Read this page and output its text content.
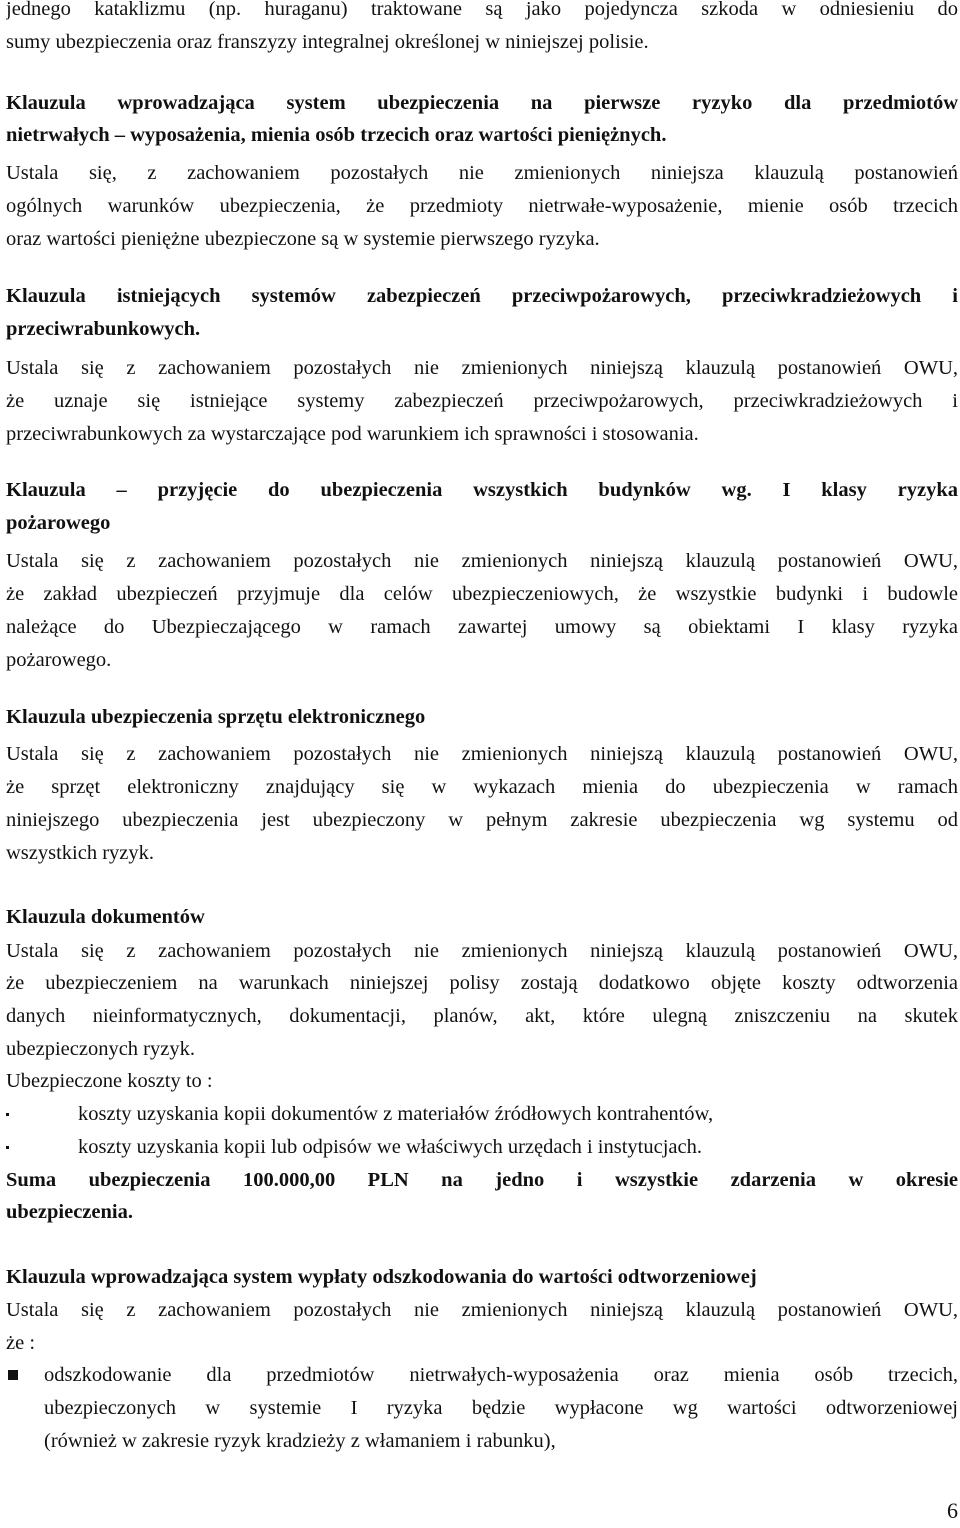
jednego kataklizmu (np. huraganu) traktowane są jako pojedyncza szkoda w odniesieniu do
sumy ubezpieczenia oraz franszyzy integralnej określonej w niniejszej polisie.
Klauzula wprowadzająca system ubezpieczenia na pierwsze ryzyko dla przedmiotów
nietrwałych – wyposażenia, mienia osób trzecich oraz wartości pieniężnych.
Ustala się, z zachowaniem pozostałych nie zmienionych niniejsza klauzulą postanowień
ogólnych warunków ubezpieczenia, że przedmioty nietrwałe-wyposażenie, mienie osób trzecich
oraz wartości pieniężne ubezpieczone są w systemie pierwszego ryzyka.
Klauzula istniejących systemów zabezpieczeń przeciwpożarowych, przeciwkradzieżowych i
przeciwrabunkowych.
Ustala się z zachowaniem pozostałych nie zmienionych niniejszą klauzulą postanowień OWU,
że uznaje się istniejące systemy zabezpieczeń przeciwpożarowych, przeciwkradzieżowych i
przeciwrabunkowych za wystarczające pod warunkiem ich sprawności i stosowania.
Klauzula – przyjęcie do ubezpieczenia wszystkich budynków wg. I klasy ryzyka
pożarowego
Ustala się z zachowaniem pozostałych nie zmienionych niniejszą klauzulą postanowień OWU,
że zakład ubezpieczeń przyjmuje dla celów ubezpieczeniowych, że wszystkie budynki i budowle
należące do Ubezpieczającego w ramach zawartej umowy są obiektami I klasy ryzyka
pożarowego.
Klauzula ubezpieczenia sprzętu elektronicznego
Ustala się z zachowaniem pozostałych nie zmienionych niniejszą klauzulą postanowień OWU,
że sprzęt elektroniczny znajdujący się w wykazach mienia do ubezpieczenia w ramach
niniejszego ubezpieczenia jest ubezpieczony w pełnym zakresie ubezpieczenia wg systemu od
wszystkich ryzyk.
Klauzula dokumentów
Ustala się z zachowaniem pozostałych nie zmienionych niniejszą klauzulą postanowień OWU,
że ubezpieczeniem na warunkach niniejszej polisy zostają dodatkowo objęte koszty odtworzenia
danych nieinformatycznych, dokumentacji, planów, akt, które ulegną zniszczeniu na skutek
ubezpieczonych ryzyk.
Ubezpieczone koszty to :
koszty uzyskania kopii dokumentów z materiałów źródłowych kontrahentów,
koszty uzyskania kopii lub odpisów we właściwych urzędach i instytucjach.
Suma ubezpieczenia 100.000,00 PLN na jedno i wszystkie zdarzenia w okresie
ubezpieczenia.
Klauzula wprowadzająca system wypłaty odszkodowania do wartości odtworzeniowej
Ustala się z zachowaniem pozostałych nie zmienionych niniejszą klauzulą postanowień OWU,
że :
odszkodowanie dla przedmiotów nietrwałych-wyposażenia oraz mienia osób trzecich,
ubezpieczonych w systemie I ryzyka będzie wypłacone wg wartości odtworzeniowej
(również w zakresie ryzyk kradzieży z włamaniem i rabunku),
6
